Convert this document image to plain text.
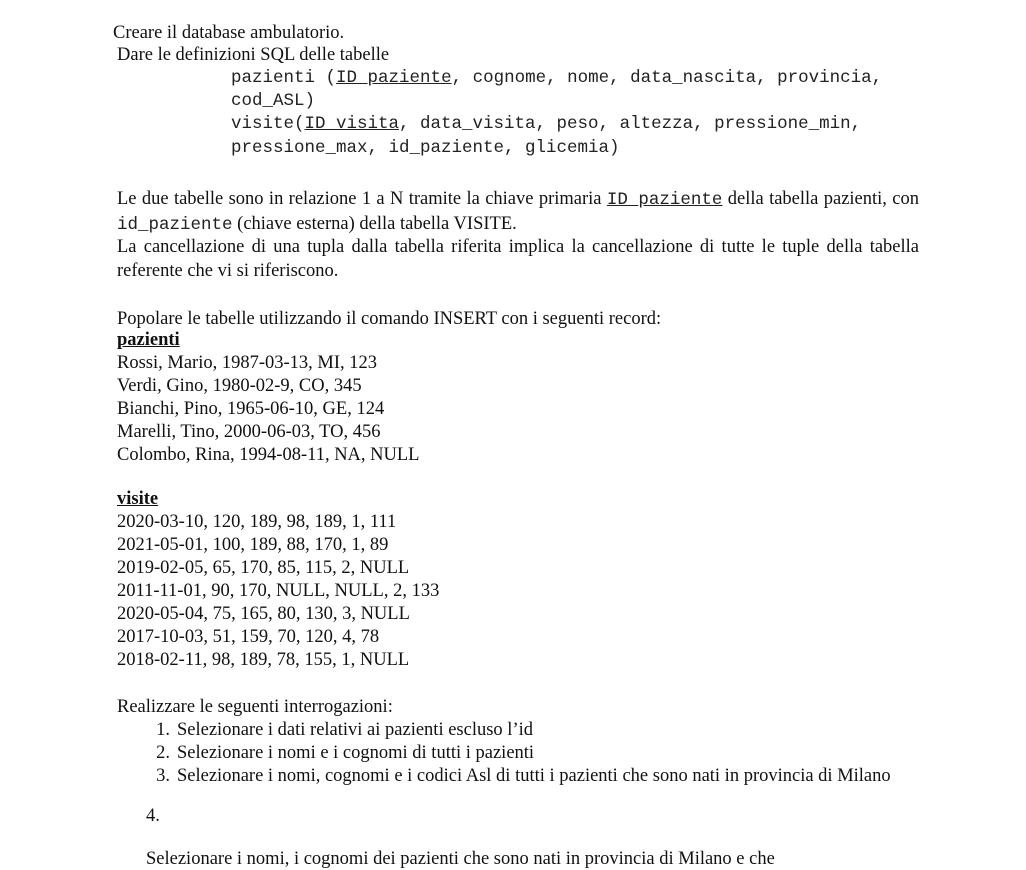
Creare il database ambulatorio.
Dare le definizioni SQL delle tabelle
pazienti (ID_paziente, cognome, nome, data_nascita, provincia,
cod_ASL)
visite(ID_visita, data_visita, peso, altezza, pressione_min,
pressione_max, id_paziente, glicemia)
Le due tabelle sono in relazione 1 a N tramite la chiave primaria ID_paziente della tabella pazienti, con id_paziente (chiave esterna) della tabella VISITE.
La cancellazione di una tupla dalla tabella riferita implica la cancellazione di tutte le tuple della tabella referente che vi si riferiscono.
Popolare le tabelle utilizzando il comando INSERT con i seguenti record:
pazienti
Rossi, Mario, 1987-03-13, MI, 123
Verdi, Gino, 1980-02-9, CO, 345
Bianchi, Pino, 1965-06-10, GE, 124
Marelli, Tino, 2000-06-03, TO, 456
Colombo, Rina, 1994-08-11, NA, NULL
visite
2020-03-10, 120, 189, 98, 189, 1, 111
2021-05-01, 100, 189, 88, 170, 1, 89
2019-02-05, 65, 170, 85, 115, 2, NULL
2011-11-01, 90, 170, NULL, NULL, 2, 133
2020-05-04, 75, 165, 80, 130, 3, NULL
2017-10-03, 51, 159, 70, 120, 4, 78
2018-02-11, 98, 189, 78, 155, 1, NULL
Realizzare le seguenti interrogazioni:
1. Selezionare i dati relativi ai pazienti escluso l’id
2. Selezionare i nomi e i cognomi di tutti i pazienti
3. Selezionare i nomi, cognomi e i codici Asl di tutti i pazienti che sono nati in provincia di Milano
4.

Selezionare i nomi, i cognomi dei pazienti che sono nati in provincia di Milano e che
